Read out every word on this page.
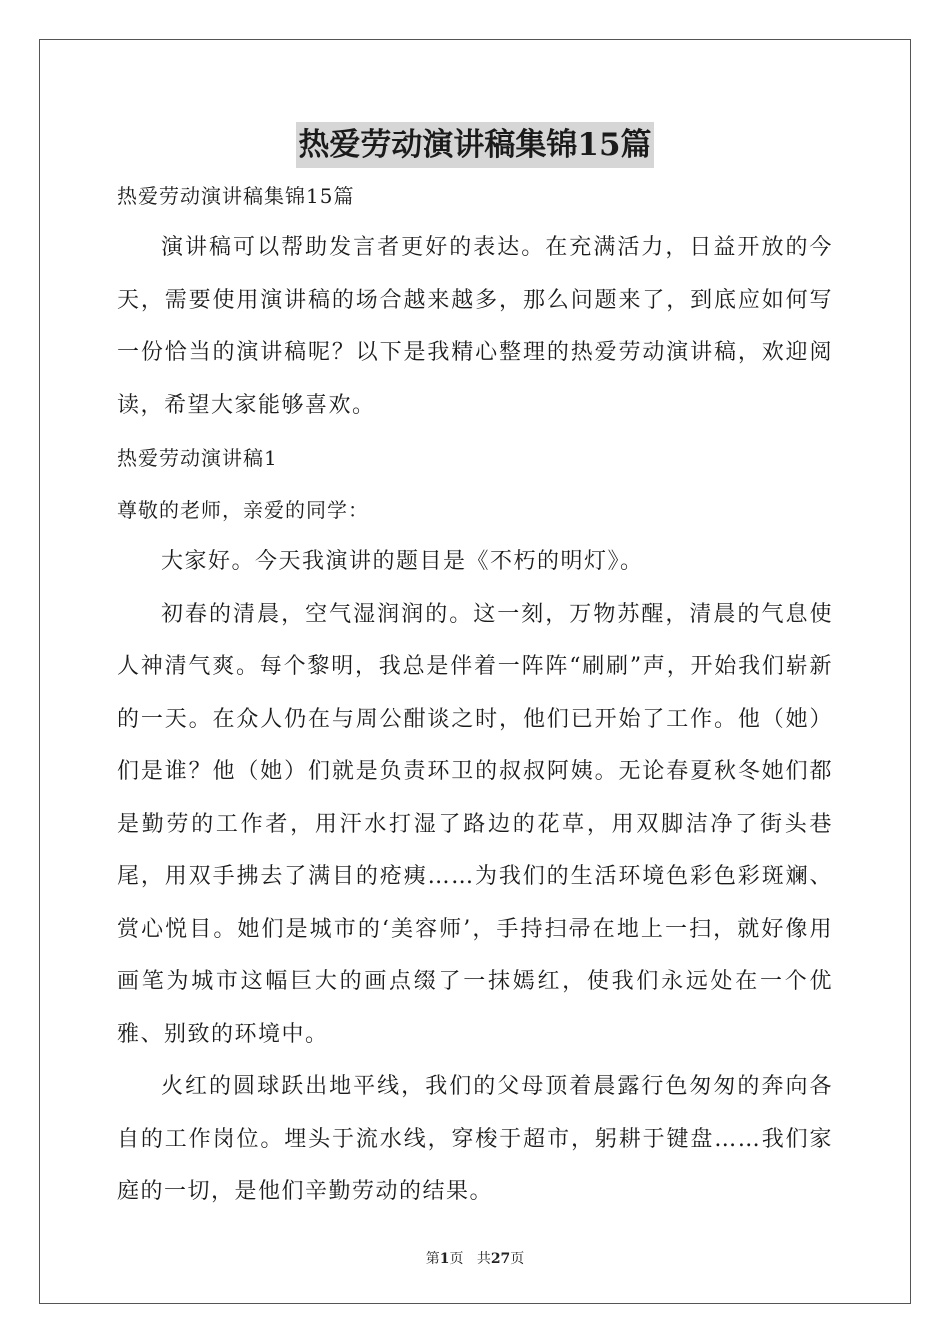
热爱劳动演讲稿集锦15篇

热爱劳动演讲稿集锦15篇

演讲稿可以帮助发言者更好的表达。在充满活力，日益开放的今天，需要使用演讲稿的场合越来越多，那么问题来了，到底应如何写一份恰当的演讲稿呢？以下是我精心整理的热爱劳动演讲稿，欢迎阅读，希望大家能够喜欢。

热爱劳动演讲稿1

尊敬的老师，亲爱的同学：

大家好。今天我演讲的题目是《不朽的明灯》。

初春的清晨，空气湿润润的。这一刻，万物苏醒，清晨的气息使人神清气爽。每个黎明，我总是伴着一阵阵“刷刷”声，开始我们崭新的一天。在众人仍在与周公酣谈之时，他们已开始了工作。他（她）们是谁？他（她）们就是负责环卫的叔叔阿姨。无论春夏秋冬她们都是勤劳的工作者，用汗水打湿了路边的花草，用双脚洁净了街头巷尾，用双手拂去了满目的疮痍……为我们的生活环境色彩色彩斑斓、赏心悦目。她们是城市的‘美容师’，手持扫帚在地上一扫，就好像用画笔为城市这幅巨大的画点缀了一抹嫣红，使我们永远处在一个优雅、别致的环境中。

火红的圆球跃出地平线，我们的父母顶着晨露行色匆匆的奔向各自的工作岗位。埋头于流水线，穿梭于超市，躬耕于键盘……我们家庭的一切，是他们辛勤劳动的结果。

第1页 共27页
